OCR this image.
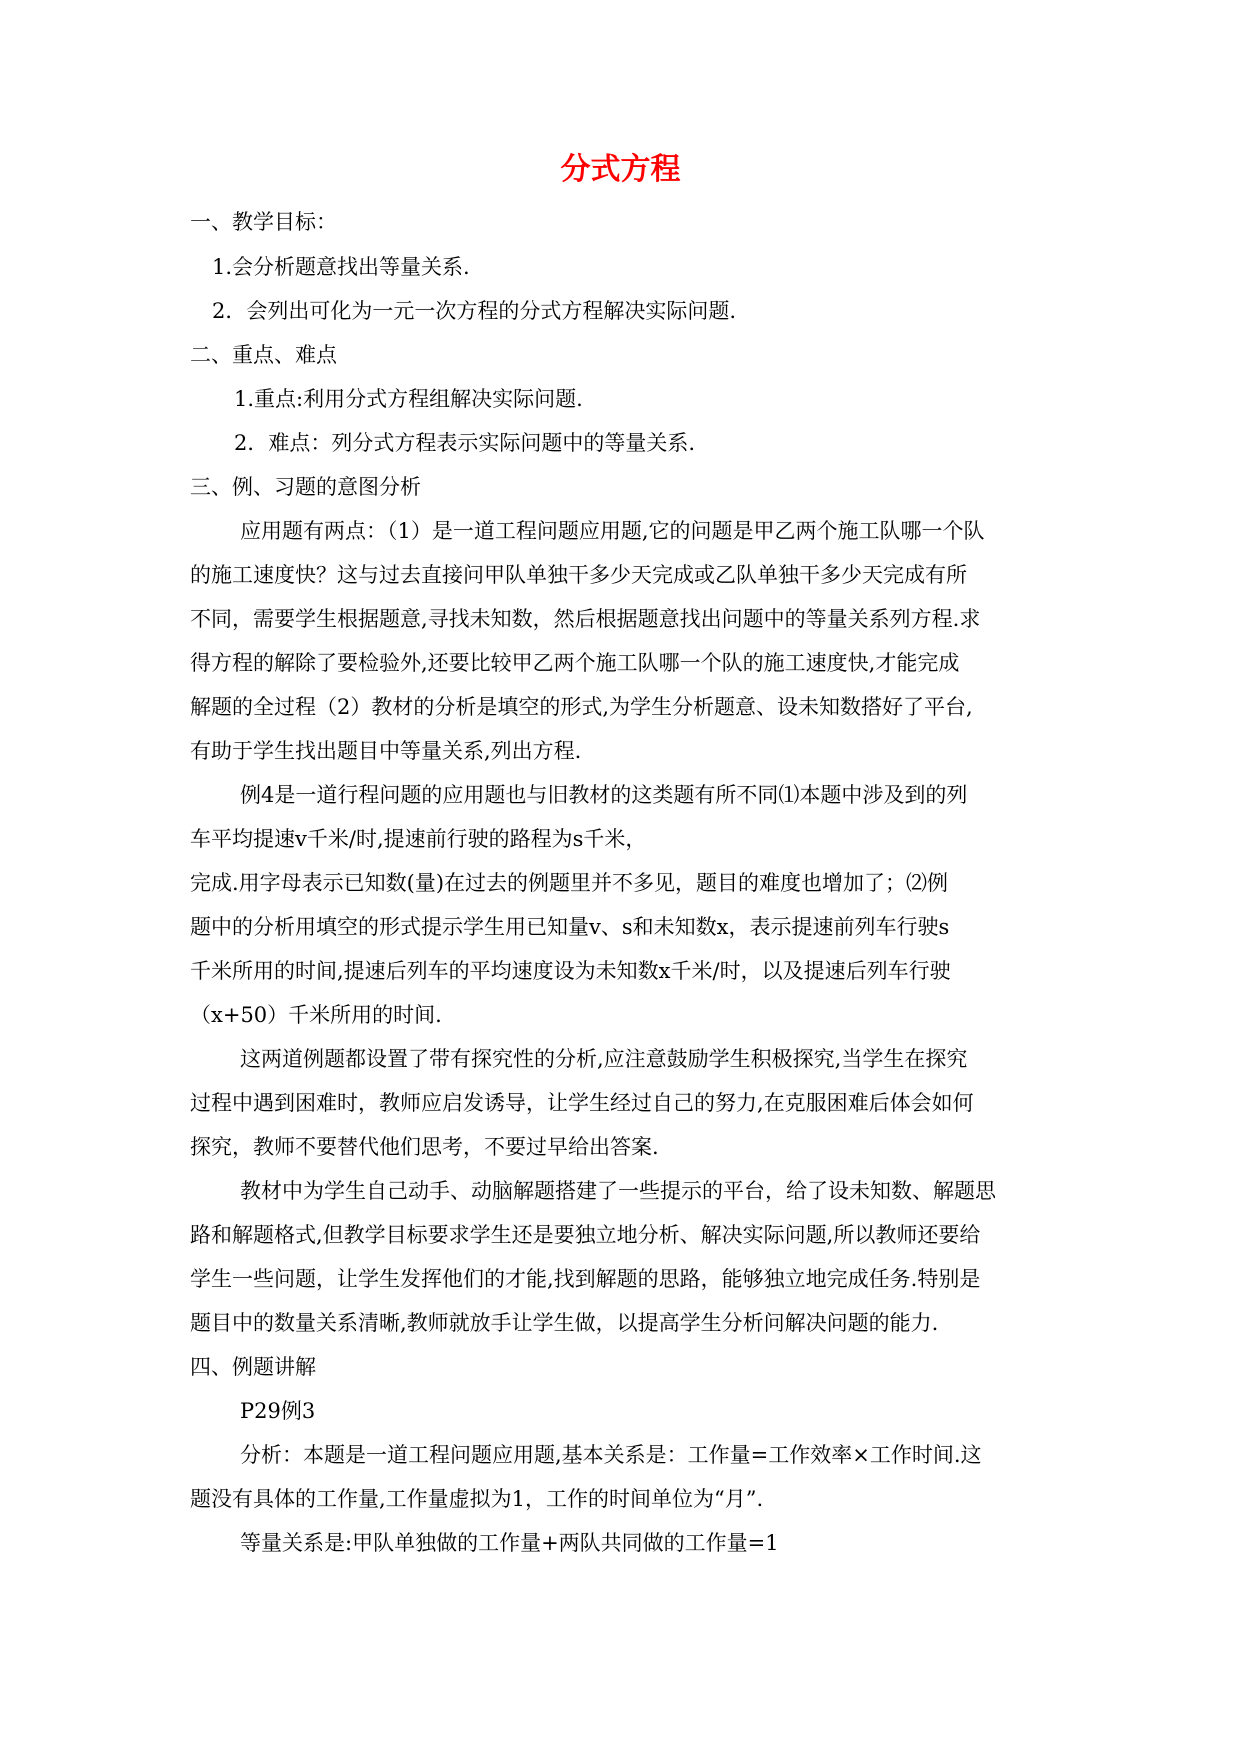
分式方程
一、教学目标：
1.会分析题意找出等量关系.
2．会列出可化为一元一次方程的分式方程解决实际问题.
二、重点、难点
1.重点:利用分式方程组解决实际问题.
2．难点：列分式方程表示实际问题中的等量关系.
三、例、习题的意图分析
应用题有两点：（1）是一道工程问题应用题,它的问题是甲乙两个施工队哪一个队
的施工速度快？这与过去直接问甲队单独干多少天完成或乙队单独干多少天完成有所
不同，需要学生根据题意,寻找未知数，然后根据题意找出问题中的等量关系列方程.求
得方程的解除了要检验外,还要比较甲乙两个施工队哪一个队的施工速度快,才能完成
解题的全过程（2）教材的分析是填空的形式,为学生分析题意、设未知数搭好了平台,
有助于学生找出题目中等量关系,列出方程.
例4是一道行程问题的应用题也与旧教材的这类题有所不同⑴本题中涉及到的列
车平均提速v千米/时,提速前行驶的路程为s千米，
完成.用字母表示已知数(量)在过去的例题里并不多见，题目的难度也增加了；⑵例
题中的分析用填空的形式提示学生用已知量v、s和未知数x，表示提速前列车行驶s
千米所用的时间,提速后列车的平均速度设为未知数x千米/时，以及提速后列车行驶
（x+50）千米所用的时间.
这两道例题都设置了带有探究性的分析,应注意鼓励学生积极探究,当学生在探究
过程中遇到困难时，教师应启发诱导，让学生经过自己的努力,在克服困难后体会如何
探究，教师不要替代他们思考，不要过早给出答案.
教材中为学生自己动手、动脑解题搭建了一些提示的平台，给了设未知数、解题思
路和解题格式,但教学目标要求学生还是要独立地分析、解决实际问题,所以教师还要给
学生一些问题，让学生发挥他们的才能,找到解题的思路，能够独立地完成任务.特别是
题目中的数量关系清晰,教师就放手让学生做，以提高学生分析问解决问题的能力.
四、例题讲解
P29例3
分析：本题是一道工程问题应用题,基本关系是：工作量=工作效率×工作时间.这
题没有具体的工作量,工作量虚拟为1，工作的时间单位为“月”.
等量关系是:甲队单独做的工作量+两队共同做的工作量=1
